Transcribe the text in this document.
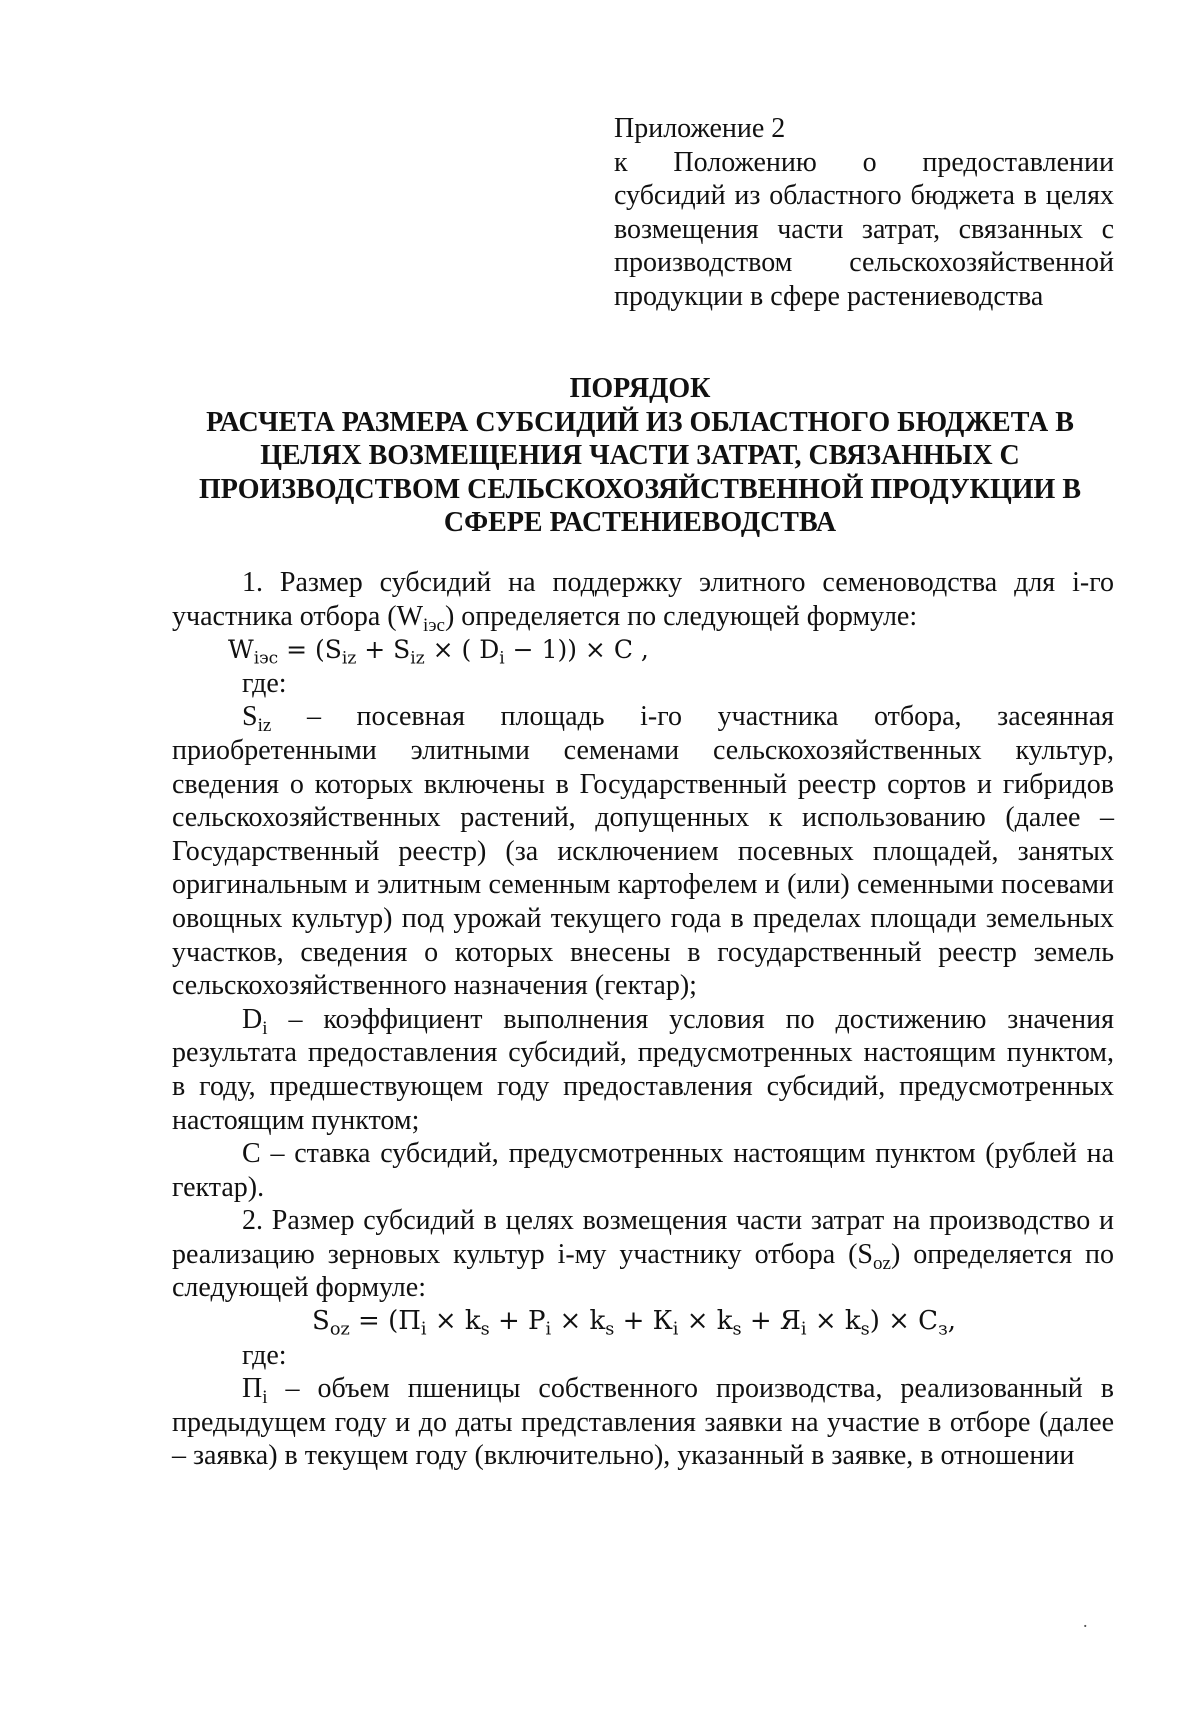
Приложение 2
к Положению о предоставлении
субсидий из областного бюджета в целях
возмещения части затрат, связанных с
производством сельскохозяйственной
продукции в сфере растениеводства
ПОРЯДОК
РАСЧЕТА РАЗМЕРА СУБСИДИЙ ИЗ ОБЛАСТНОГО БЮДЖЕТА В
ЦЕЛЯХ ВОЗМЕЩЕНИЯ ЧАСТИ ЗАТРАТ, СВЯЗАННЫХ С
ПРОИЗВОДСТВОМ СЕЛЬСКОХОЗЯЙСТВЕННОЙ ПРОДУКЦИИ В
СФЕРЕ РАСТЕНИЕВОДСТВА

1. Размер субсидий на поддержку элитного семеноводства для i-го участника отбора $(W_{iэс})$ определяется по следующей формуле:

$W_{iэс} = (S_{iz} + S_{iz}$ × ( $D_i - 1)) \times C$ ,

где:

$S_{iz}$ – посевная площадь i-го участника отбора, засеянная приобретенными элитными семенами сельскохозяйственных культур, сведения о которых включены в Государственный реестр сортов и гибридов сельскохозяйственных растений, допущенных к использованию (далее – Государственный реестр) (за исключением посевных площадей, занятых оригинальным и элитным семенным картофелем и (или) семенными посевами овощных культур) под урожай текущего года в пределах площади земельных участков, сведения о которых внесены в государственный реестр земель сельскохозяйственного назначения (гектар);

$D_i$ – коэффициент выполнения условия по достижению значения результата предоставления субсидий, предусмотренных настоящим пунктом, в году, предшествующем году предоставления субсидий, предусмотренных настоящим пунктом;

С – ставка субсидий, предусмотренных настоящим пунктом (рублей на гектар).

2. Размер субсидий в целях возмещения части затрат на производство и реализацию зерновых культур i-му участнику отбора $(S_{oz})$ определяется по следующей формуле:

$S_{oz} = (П_i \times k_s + P_i \times k_s + К_i \times k_s + Я_i \times k_s) \times С_з$,

где:

$П_i$ – объем пшеницы собственного производства, реализованный в предыдущем году и до даты представления заявки на участие в отборе (далее – заявка) в текущем году (включительно), указанный в заявке, в отношении

.
